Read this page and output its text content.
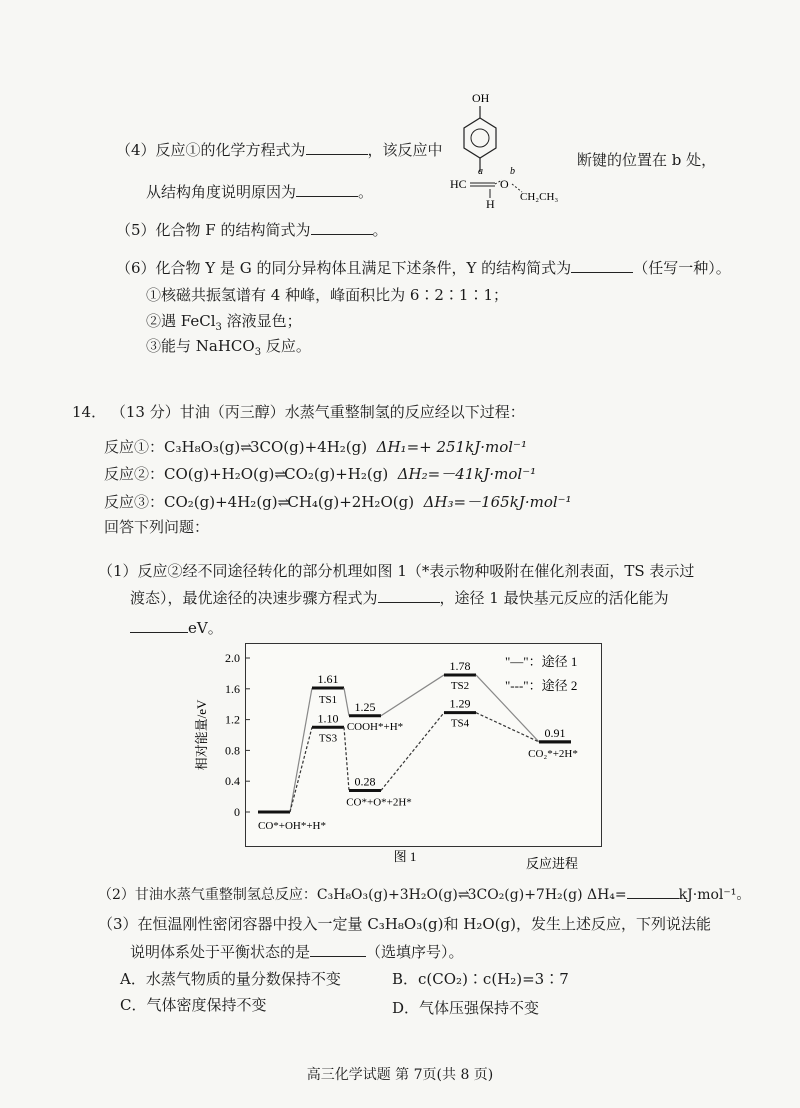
（4）反应①的化学方程式为	，该反应中
断键的位置在 b 处，
从结构角度说明原因为	。
OH
HC
a
O
H
b
CH₂CH₃
（5）化合物 F 的结构简式为	。
（6）化合物 Y 是 G 的同分异构体且满足下述条件，Y 的结构简式为	（任写一种）。
①核磁共振氢谱有 4 种峰，峰面积比为 6∶2∶1∶1；
②遇 FeCl$_3$ 溶液显色；
③能与 NaHCO$_3$ 反应。
14． （13 分）甘油（丙三醇）水蒸气重整制氢的反应经以下过程：
反应①：C₃H₈O₃(g)⇌3CO(g)+4H₂(g) ΔH₁=+ 251kJ·mol⁻¹
反应②：CO(g)+H₂O(g)⇌CO₂(g)+H₂(g) ΔH₂=－41kJ·mol⁻¹
反应③：CO₂(g)+4H₂(g)⇌CH₄(g)+2H₂O(g) ΔH₃=－165kJ·mol⁻¹
回答下列问题：
（1）反应②经不同途径转化的部分机理如图 1（*表示物种吸附在催化剂表面，TS 表示过
渡态），最优途径的决速步骤方程式为	，途径 1 最快基元反应的活化能为
eV。
相对能量/eV
2.0
1.6
1.2
0.8
0.4
0
CO*+OH*+H*
1.61
TS1
1.10
TS3
1.25
COOH*+H*
0.28
CO*+O*+2H*
1.78
TS2
1.29
TS4
0.91
CO₂*+2H*
"—"：途径 1
"---"：途径 2
图 1	反应进程
（2）甘油水蒸气重整制氢总反应：C₃H₈O₃(g)+3H₂O(g)⇌3CO₂(g)+7H₂(g) ΔH₄=	kJ·mol⁻¹。
（3）在恒温刚性密闭容器中投入一定量 C₃H₈O₃(g)和 H₂O(g)，发生上述反应，下列说法能
说明体系处于平衡状态的是	（选填序号）。
A．水蒸气物质的量分数保持不变	B．c(CO₂)∶c(H₂)=3∶7
C．气体密度保持不变	D．气体压强保持不变
高三化学试题 第 7页(共 8 页)
